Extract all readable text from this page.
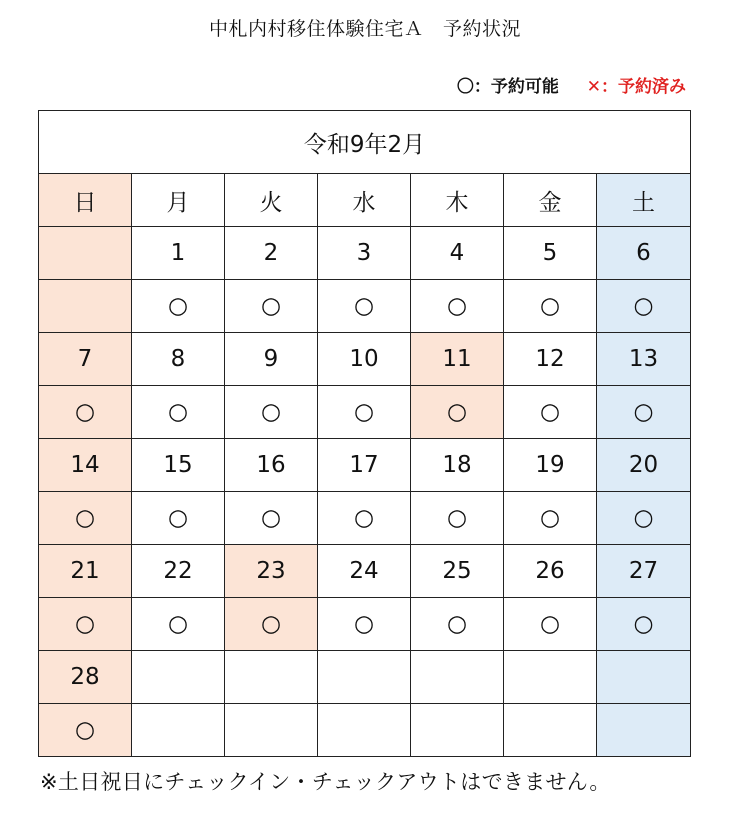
中札内村移住体験住宅Ａ　予約状況
〇：予約可能 ✕：予約済み
令和9年2月						
日	月	火	水	木	金	土
	1	2	3	4	5	6
	○	○	○	○	○	○
7	8	9	10	11	12	13
○	○	○	○	○	○	○
14	15	16	17	18	19	20
○	○	○	○	○	○	○
21	22	23	24	25	26	27
○	○	○	○	○	○	○
28						
○						
※土日祝日にチェックイン・チェックアウトはできません。
